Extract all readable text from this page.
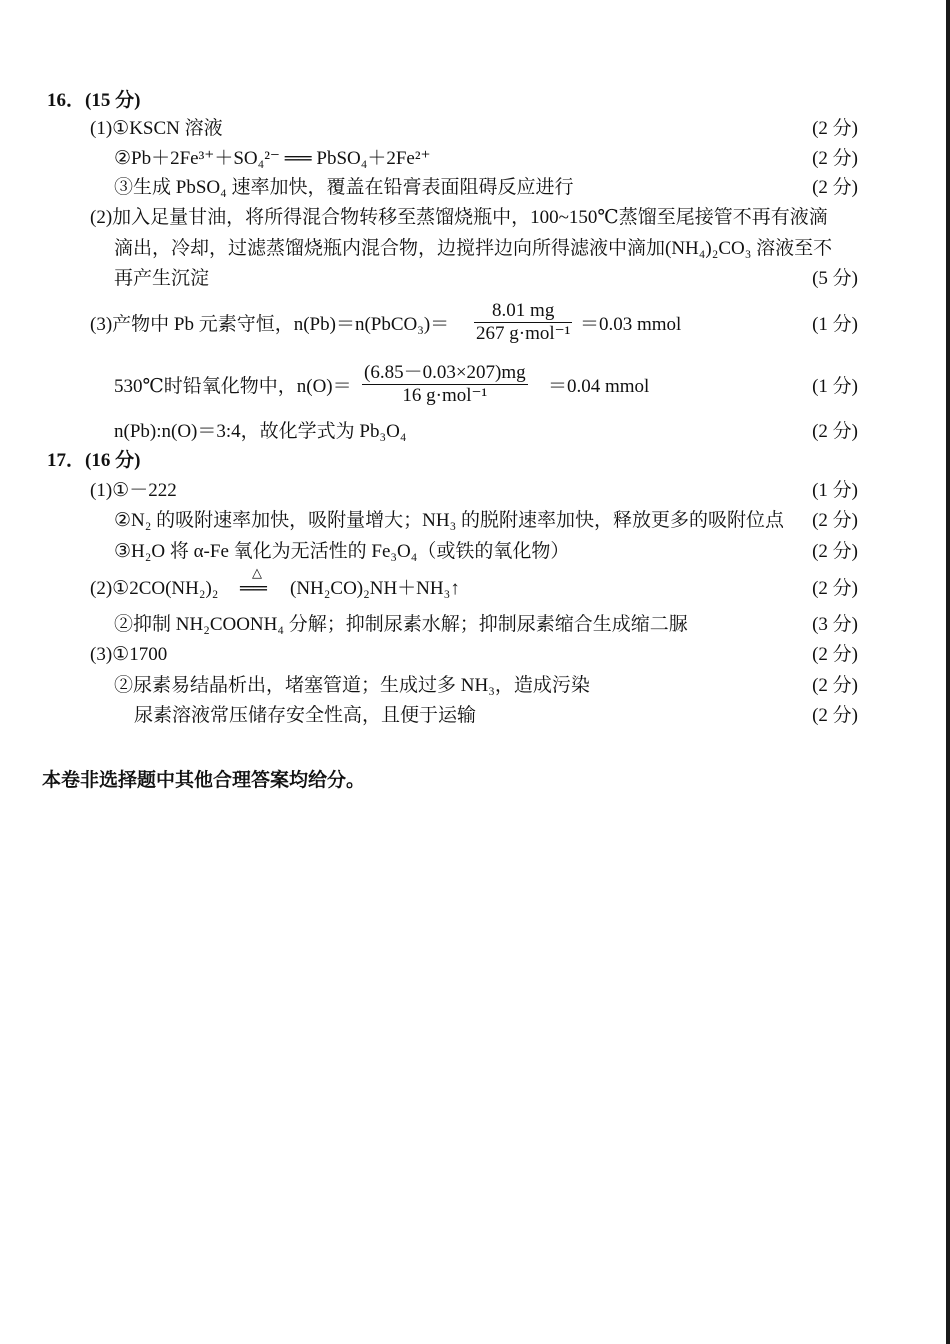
16．(15 分)
(1)①KSCN 溶液	(2 分)
②Pb＋2Fe³⁺＋SO₄²⁻ ══ PbSO₄＋2Fe²⁺	(2 分)
③生成 PbSO₄ 速率加快，覆盖在铅膏表面阻碍反应进行	(2 分)
(2)加入足量甘油，将所得混合物转移至蒸馏烧瓶中，100~150℃蒸馏至尾接管不再有液滴
滴出，冷却，过滤蒸馏烧瓶内混合物，边搅拌边向所得滤液中滴加(NH₄)₂CO₃ 溶液至不
再产生沉淀	(5 分)
(3)产物中 Pb 元素守恒，n(Pb)＝n(PbCO₃)＝
8.01 mg
267 g·mol⁻¹ ＝0.03 mmol	(1 分)
530℃时铅氧化物中，n(O)＝
(6.85－0.03×207)mg
16 g·mol⁻¹	＝0.04 mmol	(1 分)
n(Pb):n(O)＝3:4，故化学式为 Pb₃O₄	(2 分)
17．(16 分)
(1)①－222	(1 分)
②N₂ 的吸附速率加快，吸附量增大；NH₃ 的脱附速率加快，释放更多的吸附位点 (2 分)
③H₂O 将 α-Fe 氧化为无活性的 Fe₃O₄（或铁的氧化物）	(2 分)
(2)①2CO(NH₂)₂
△
══ (NH₂CO)₂NH＋NH₃↑	(2 分)
②抑制 NH₂COONH₄ 分解；抑制尿素水解；抑制尿素缩合生成缩二脲	(3 分)
(3)①1700	(2 分)
②尿素易结晶析出，堵塞管道；生成过多 NH₃，造成污染	(2 分)
尿素溶液常压储存安全性高，且便于运输	(2 分)
本卷非选择题中其他合理答案均给分。
